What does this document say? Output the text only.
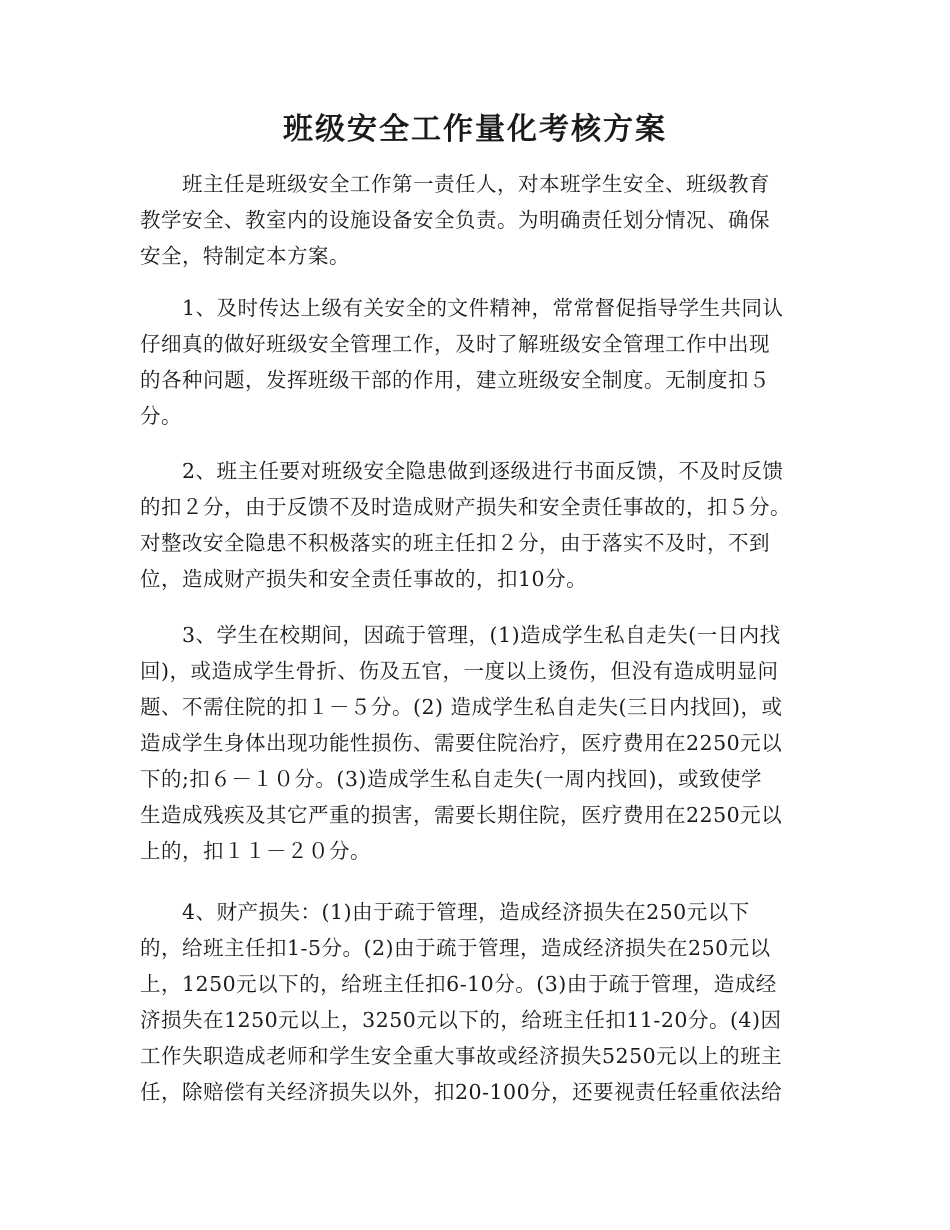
班级安全工作量化考核方案
　　班主任是班级安全工作第一责任人，对本班学生安全、班级教育
教学安全、教室内的设施设备安全负责。为明确责任划分情况、确保
安全，特制定本方案。
　　1、及时传达上级有关安全的文件精神，常常督促指导学生共同认
仔细真的做好班级安全管理工作，及时了解班级安全管理工作中出现
的各种问题，发挥班级干部的作用，建立班级安全制度。无制度扣５
分。
　　2、班主任要对班级安全隐患做到逐级进行书面反馈，不及时反馈
的扣２分，由于反馈不及时造成财产损失和安全责任事故的，扣５分。
对整改安全隐患不积极落实的班主任扣２分，由于落实不及时，不到
位，造成财产损失和安全责任事故的，扣10分。
　　3、学生在校期间，因疏于管理，(1)造成学生私自走失(一日内找
回)，或造成学生骨折、伤及五官，一度以上烫伤，但没有造成明显问
题、不需住院的扣１－５分。(2) 造成学生私自走失(三日内找回)，或
造成学生身体出现功能性损伤、需要住院治疗，医疗费用在2250元以
下的;扣６－１０分。(3)造成学生私自走失(一周内找回)，或致使学
生造成残疾及其它严重的损害，需要长期住院，医疗费用在2250元以
上的，扣１１－２０分。
　　4、财产损失：(1)由于疏于管理，造成经济损失在250元以下
的，给班主任扣1-5分。(2)由于疏于管理，造成经济损失在250元以
上，1250元以下的，给班主任扣6-10分。(3)由于疏于管理，造成经
济损失在1250元以上，3250元以下的，给班主任扣11-20分。(4)因
工作失职造成老师和学生安全重大事故或经济损失5250元以上的班主
任，除赔偿有关经济损失以外，扣20-100分，还要视责任轻重依法给
